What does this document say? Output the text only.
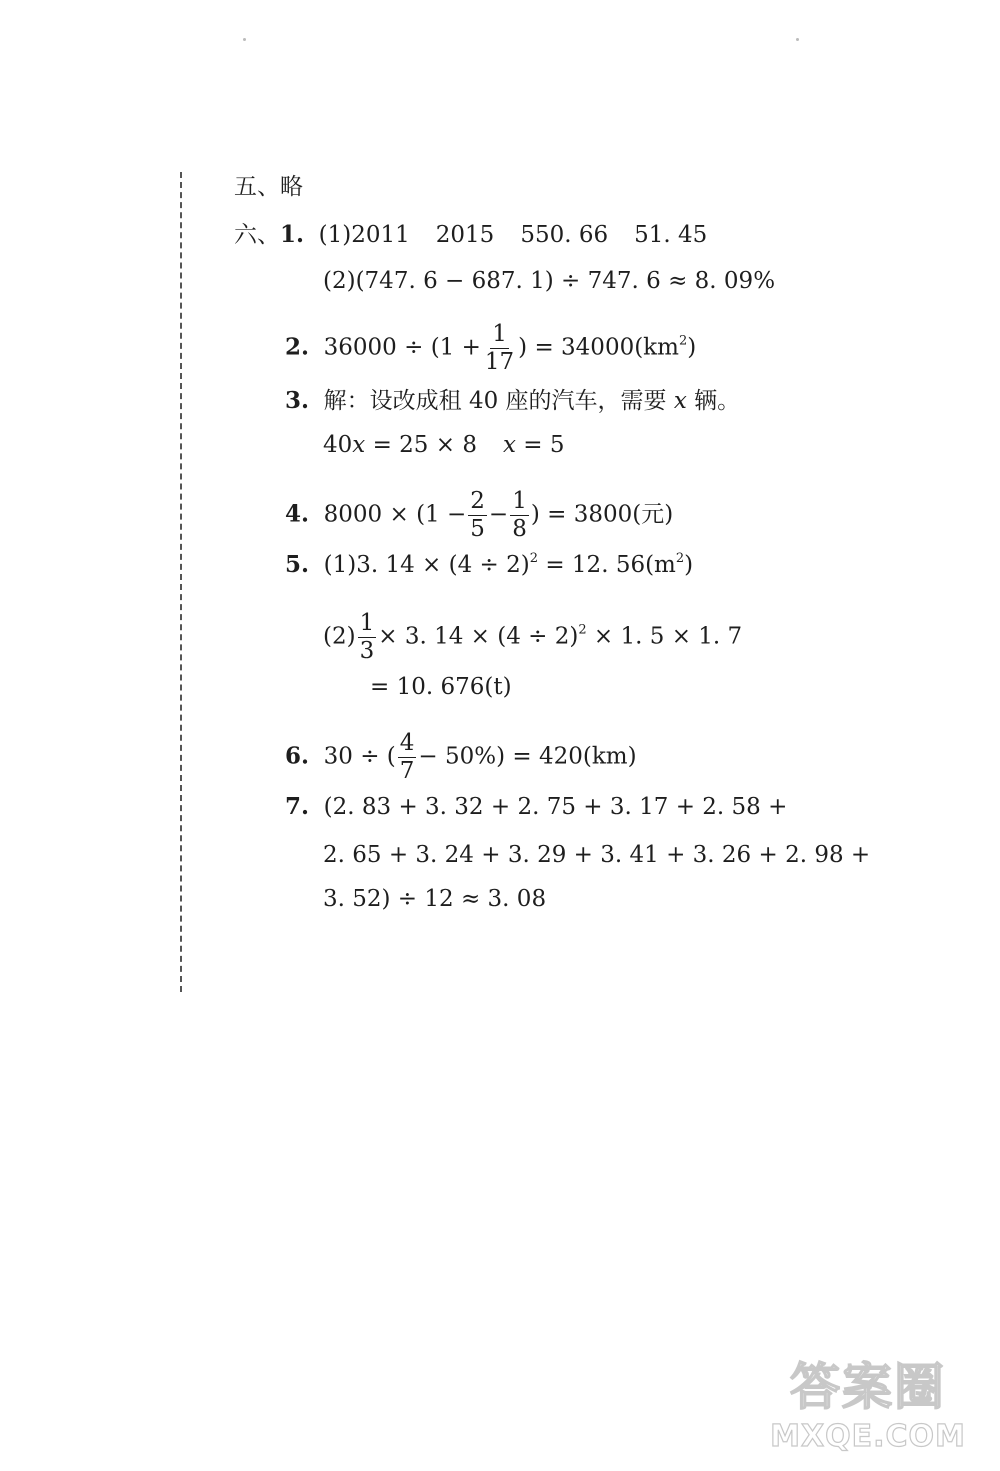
五、略
六、1. (1)2011 2015 550. 66 51. 45
(2)(747. 6 − 687. 1) ÷ 747. 6 ≈ 8. 09%
2. $36000 \div (1 + \frac{1}{17}$ ) = $34000(km^2)$
3. 解：设改成租 40 座的汽车，需要 x 辆。
40x = 25 × 8 x = 5
4. $8000 \times (1 - \frac{2}{5} - \frac{1}{8}$ ) = 3800(元)
5. (1)3. $14 \times (4 \div 2)^2 = 12$. $56(m^2)$
$(2) \frac{1}{3} \times 3$. $14 \times (4 \div 2)^2 \times 1$. 5 × 1. 7
= 10. 676(t)
6. 30 ÷ ( $\frac{4}{7} - 50\%) = 420(km)$
7. (2. 83 + 3. 32 + 2. 75 + 3. 17 + 2. 58 +
2. 65 + 3. 24 + 3. 29 + 3. 41 + 3. 26 + 2. 98 +
3. 52) ÷ 12 ≈ 3. 08
答案圈
MXQE.COM
